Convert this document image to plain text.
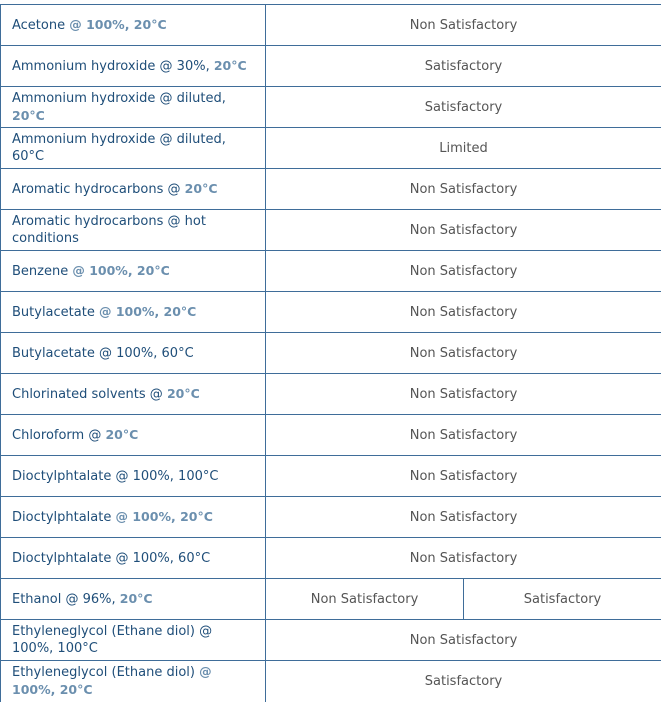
Acetone @ 100%, 20°C	Non Satisfactory	
Ammonium hydroxide @ 30%, 20°C	Satisfactory	
Ammonium hydroxide @ diluted, 20°C	Satisfactory	
Ammonium hydroxide @ diluted, 60°C	Limited	
Aromatic hydrocarbons @ 20°C	Non Satisfactory	
Aromatic hydrocarbons @ hot conditions	Non Satisfactory	
Benzene @ 100%, 20°C	Non Satisfactory	
Butylacetate @ 100%, 20°C	Non Satisfactory	
Butylacetate @ 100%, 60°C	Non Satisfactory	
Chlorinated solvents @ 20°C	Non Satisfactory	
Chloroform @ 20°C	Non Satisfactory	
Dioctylphtalate @ 100%, 100°C	Non Satisfactory	
Dioctylphtalate @ 100%, 20°C	Non Satisfactory	
Dioctylphtalate @ 100%, 60°C	Non Satisfactory	
Ethanol @ 96%, 20°C	Non Satisfactory	Satisfactory
Ethyleneglycol (Ethane diol) @ 100%, 100°C	Non Satisfactory	
Ethyleneglycol (Ethane diol) @ 100%, 20°C	Satisfactory	
